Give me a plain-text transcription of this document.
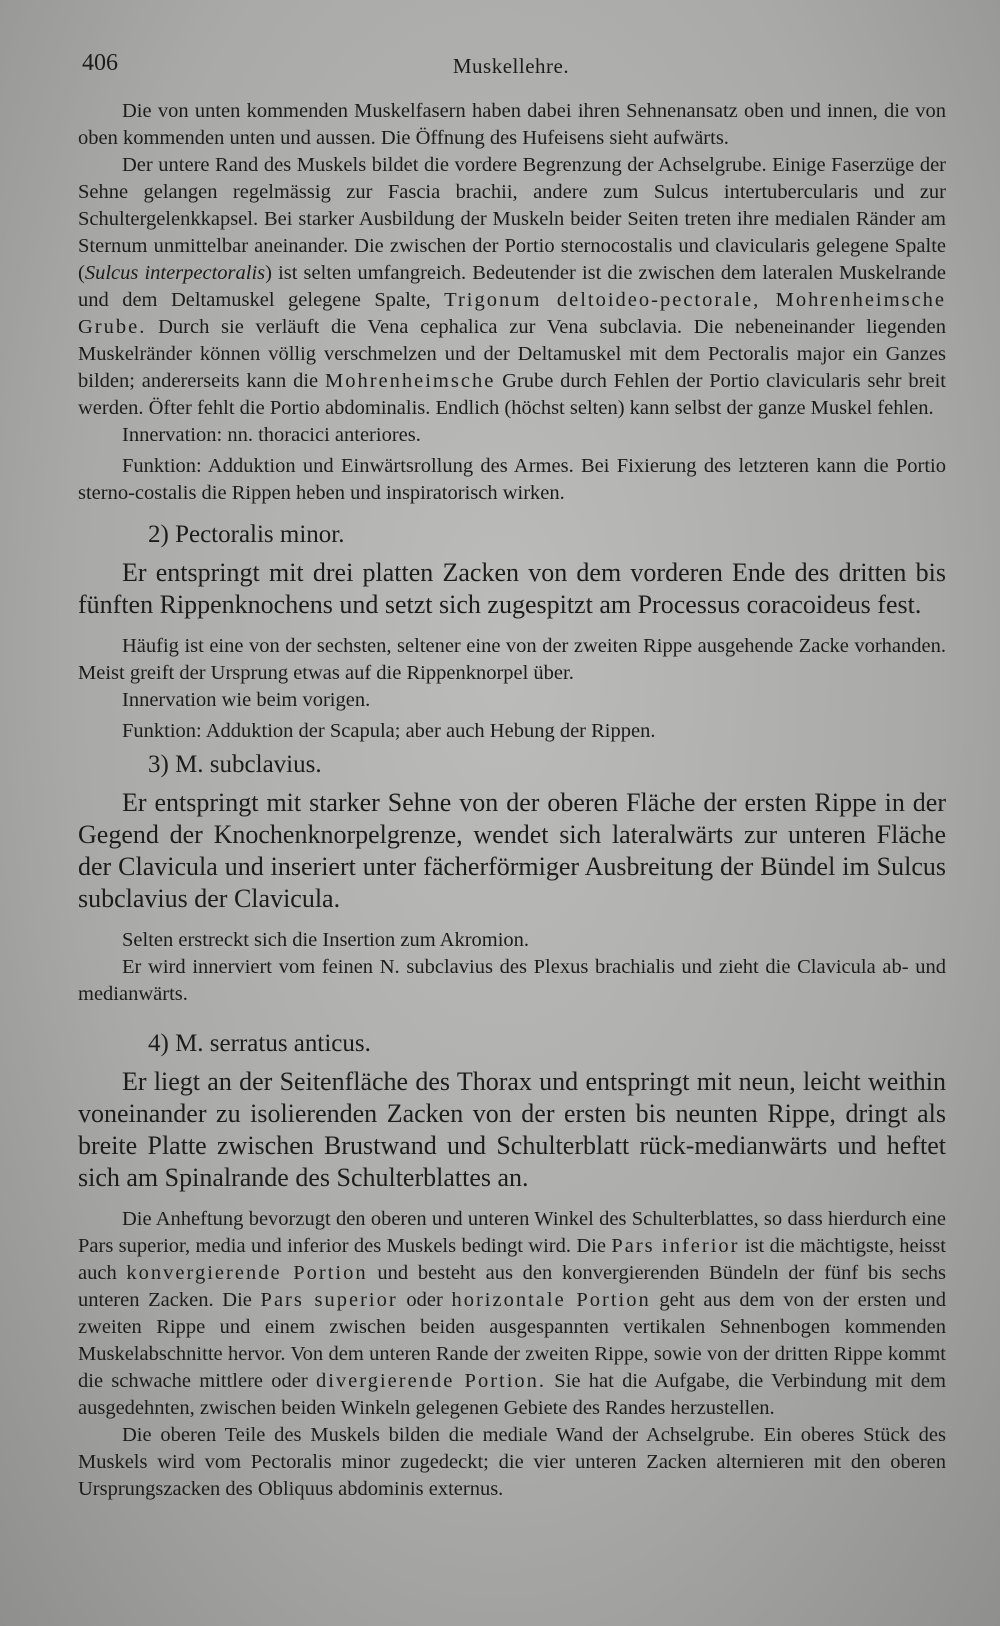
406	Muskellehre.

Die von unten kommenden Muskelfasern haben dabei ihren Sehnenansatz oben und innen, die von oben kommenden unten und aussen. Die Öffnung des Hufeisens sieht aufwärts.

Der untere Rand des Muskels bildet die vordere Begrenzung der Achselgrube. Einige Faserzüge der Sehne gelangen regelmässig zur Fascia brachii, andere zum Sulcus intertubercularis und zur Schultergelenkkapsel. Bei starker Ausbildung der Muskeln beider Seiten treten ihre medialen Ränder am Sternum unmittelbar aneinander. Die zwischen der Portio sternocostalis und clavicularis gelegene Spalte (Sulcus interpectoralis) ist selten umfangreich. Bedeutender ist die zwischen dem lateralen Muskelrande und dem Deltamuskel gelegene Spalte, Trigonum deltoideo-pectorale, Mohrenheimsche Grube. Durch sie verläuft die Vena cephalica zur Vena subclavia. Die nebeneinander liegenden Muskelränder können völlig verschmelzen und der Deltamuskel mit dem Pectoralis major ein Ganzes bilden; andererseits kann die Mohrenheimsche Grube durch Fehlen der Portio clavicularis sehr breit werden. Öfter fehlt die Portio abdominalis. Endlich (höchst selten) kann selbst der ganze Muskel fehlen.

Innervation: nn. thoracici anteriores.

Funktion: Adduktion und Einwärtsrollung des Armes. Bei Fixierung des letzteren kann die Portio sterno-costalis die Rippen heben und inspiratorisch wirken.

2) Pectoralis minor.

Er entspringt mit drei platten Zacken von dem vorderen Ende des dritten bis fünften Rippenknochens und setzt sich zugespitzt am Processus coracoideus fest.

Häufig ist eine von der sechsten, seltener eine von der zweiten Rippe ausgehende Zacke vorhanden. Meist greift der Ursprung etwas auf die Rippenknorpel über.

Innervation wie beim vorigen.

Funktion: Adduktion der Scapula; aber auch Hebung der Rippen.

3) M. subclavius.

Er entspringt mit starker Sehne von der oberen Fläche der ersten Rippe in der Gegend der Knochenknorpelgrenze, wendet sich lateralwärts zur unteren Fläche der Clavicula und inseriert unter fächerförmiger Ausbreitung der Bündel im Sulcus subclavius der Clavicula.

Selten erstreckt sich die Insertion zum Akromion.

Er wird innerviert vom feinen N. subclavius des Plexus brachialis und zieht die Clavicula ab- und medianwärts.

4) M. serratus anticus.

Er liegt an der Seitenfläche des Thorax und entspringt mit neun, leicht weithin voneinander zu isolierenden Zacken von der ersten bis neunten Rippe, dringt als breite Platte zwischen Brustwand und Schulterblatt rück-medianwärts und heftet sich am Spinalrande des Schulterblattes an.

Die Anheftung bevorzugt den oberen und unteren Winkel des Schulterblattes, so dass hierdurch eine Pars superior, media und inferior des Muskels bedingt wird. Die Pars inferior ist die mächtigste, heisst auch konvergierende Portion und besteht aus den konvergierenden Bündeln der fünf bis sechs unteren Zacken. Die Pars superior oder horizontale Portion geht aus dem von der ersten und zweiten Rippe und einem zwischen beiden ausgespannten vertikalen Sehnenbogen kommenden Muskelabschnitte hervor. Von dem unteren Rande der zweiten Rippe, sowie von der dritten Rippe kommt die schwache mittlere oder divergierende Portion. Sie hat die Aufgabe, die Verbindung mit dem ausgedehnten, zwischen beiden Winkeln gelegenen Gebiete des Randes herzustellen.

Die oberen Teile des Muskels bilden die mediale Wand der Achselgrube. Ein oberes Stück des Muskels wird vom Pectoralis minor zugedeckt; die vier unteren Zacken alternieren mit den oberen Ursprungszacken des Obliquus abdominis externus.
